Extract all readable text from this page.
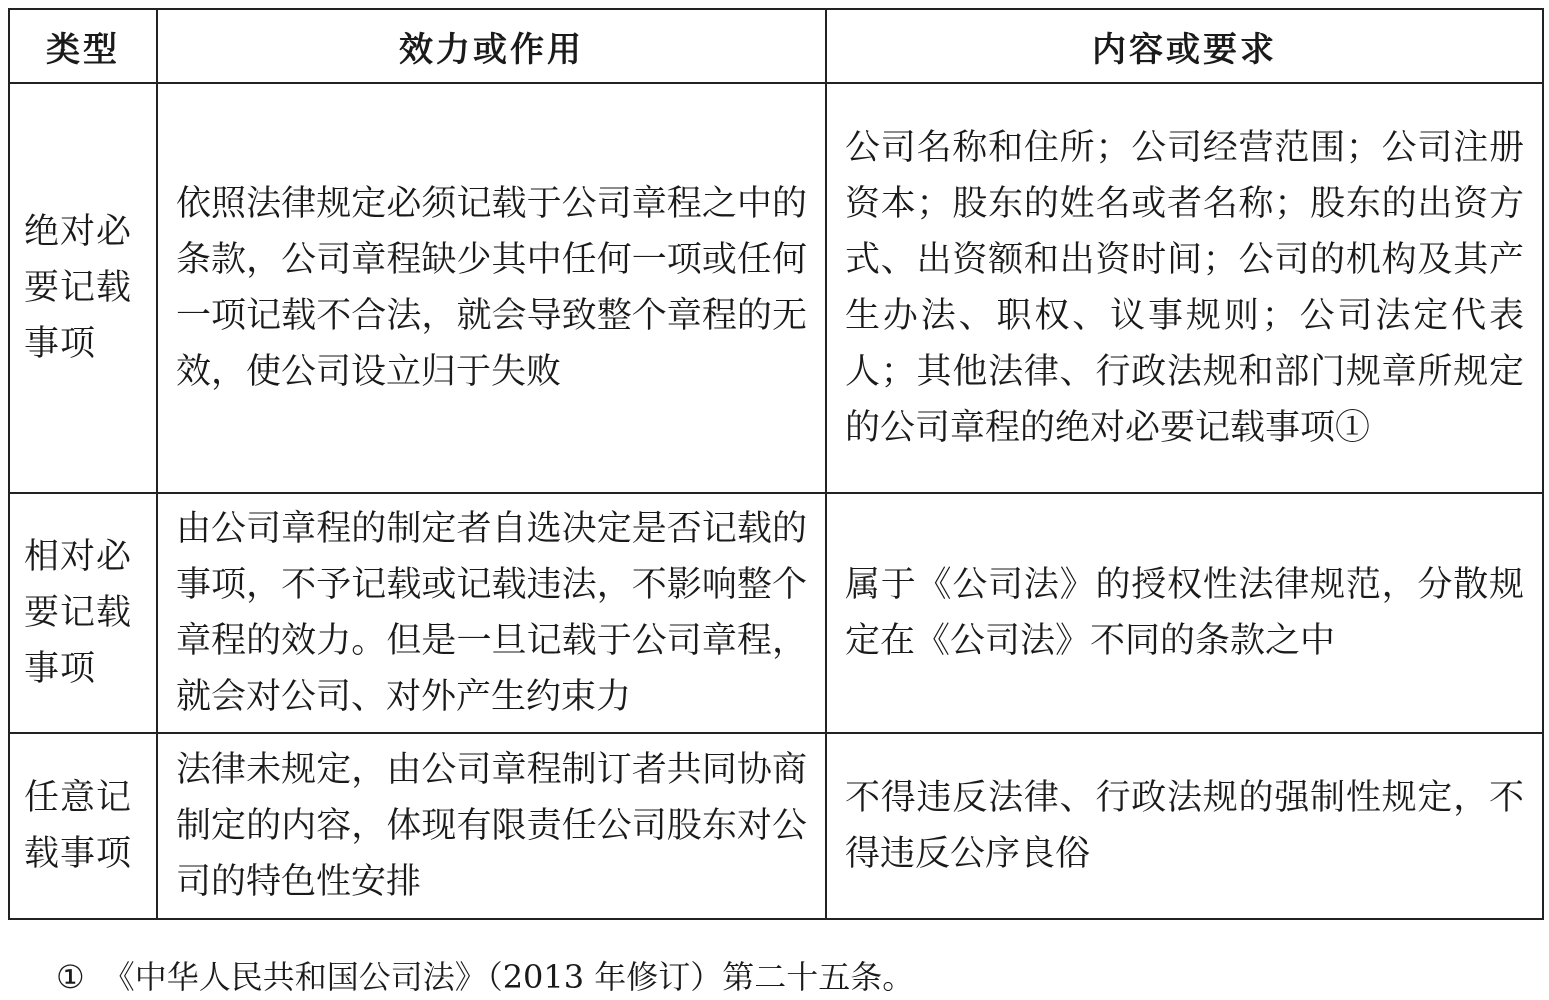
类型	效力或作用	内容或要求
绝对必要记载事项	依照法律规定必须记载于公司章程之中的条款，公司章程缺少其中任何一项或任何一项记载不合法，就会导致整个章程的无效，使公司设立归于失败	公司名称和住所；公司经营范围；公司注册资本；股东的姓名或者名称；股东的出资方式、出资额和出资时间；公司的机构及其产生办法、职权、议事规则；公司法定代表人；其他法律、行政法规和部门规章所规定的公司章程的绝对必要记载事项①
相对必要记载事项	由公司章程的制定者自选决定是否记载的事项，不予记载或记载违法，不影响整个章程的效力。但是一旦记载于公司章程，就会对公司、对外产生约束力	属于《公司法》的授权性法律规范，分散规定在《公司法》不同的条款之中
任意记载事项	法律未规定，由公司章程制订者共同协商制定的内容，体现有限责任公司股东对公司的特色性安排	不得违反法律、行政法规的强制性规定，不得违反公序良俗
① 《中华人民共和国公司法》（2013 年修订）第二十五条。
